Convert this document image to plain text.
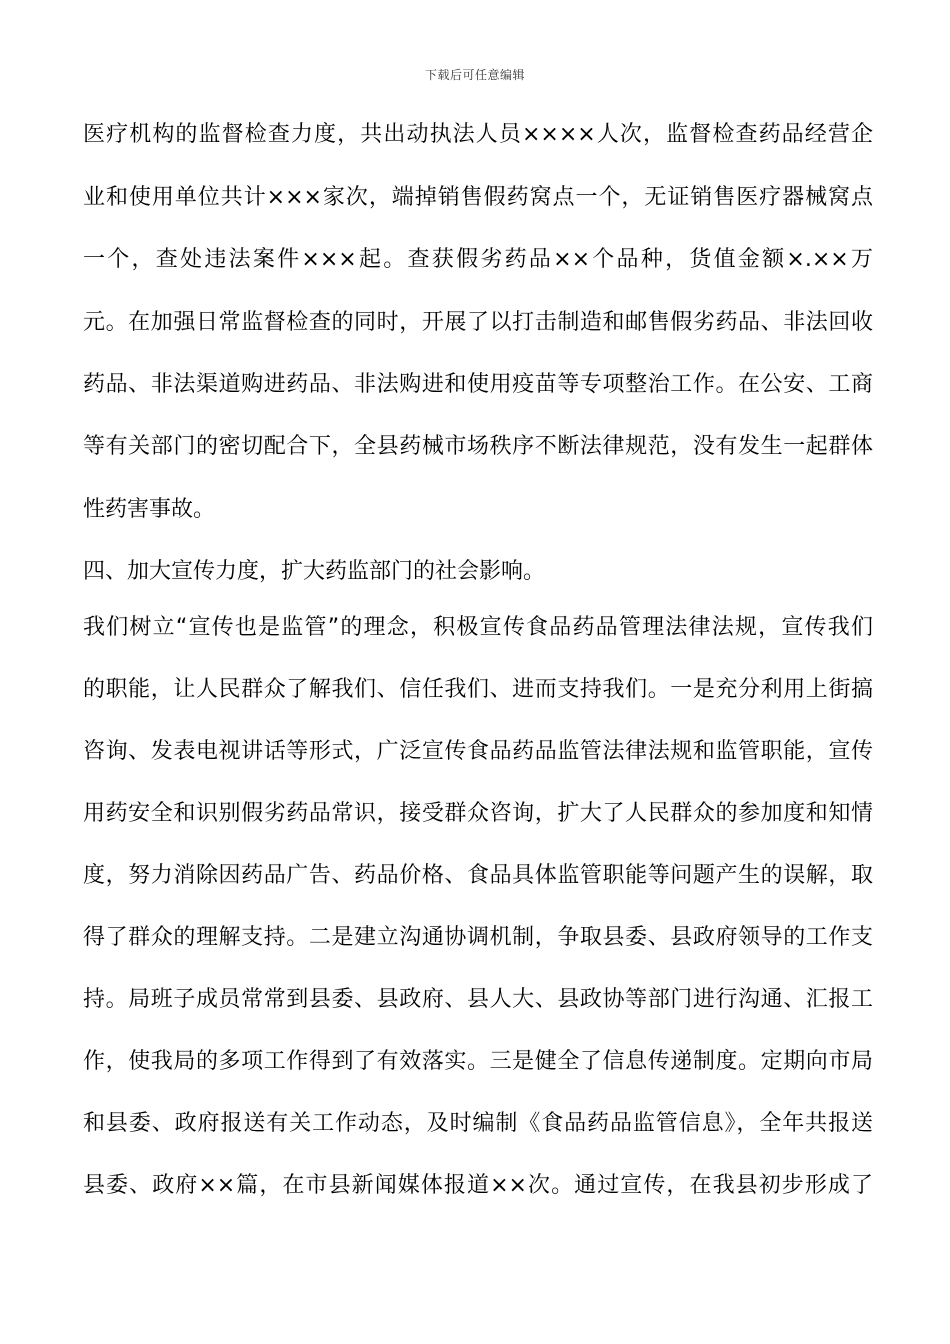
下载后可任意编辑
医疗机构的监督检查力度，共出动执法人员××××人次，监督检查药品经营企
业和使用单位共计×××家次，端掉销售假药窝点一个，无证销售医疗器械窝点
一个，查处违法案件×××起。查获假劣药品××个品种，货值金额×.××万
元。在加强日常监督检查的同时，开展了以打击制造和邮售假劣药品、非法回收
药品、非法渠道购进药品、非法购进和使用疫苗等专项整治工作。在公安、工商
等有关部门的密切配合下，全县药械市场秩序不断法律规范，没有发生一起群体
性药害事故。
四、加大宣传力度，扩大药监部门的社会影响。
我们树立“宣传也是监管”的理念，积极宣传食品药品管理法律法规，宣传我们
的职能，让人民群众了解我们、信任我们、进而支持我们。一是充分利用上街搞
咨询、发表电视讲话等形式，广泛宣传食品药品监管法律法规和监管职能，宣传
用药安全和识别假劣药品常识，接受群众咨询，扩大了人民群众的参加度和知情
度，努力消除因药品广告、药品价格、食品具体监管职能等问题产生的误解，取
得了群众的理解支持。二是建立沟通协调机制，争取县委、县政府领导的工作支
持。局班子成员常常到县委、县政府、县人大、县政协等部门进行沟通、汇报工
作，使我局的多项工作得到了有效落实。三是健全了信息传递制度。定期向市局
和县委、政府报送有关工作动态，及时编制《食品药品监管信息》，全年共报送
县委、政府××篇，在市县新闻媒体报道××次。通过宣传，在我县初步形成了
